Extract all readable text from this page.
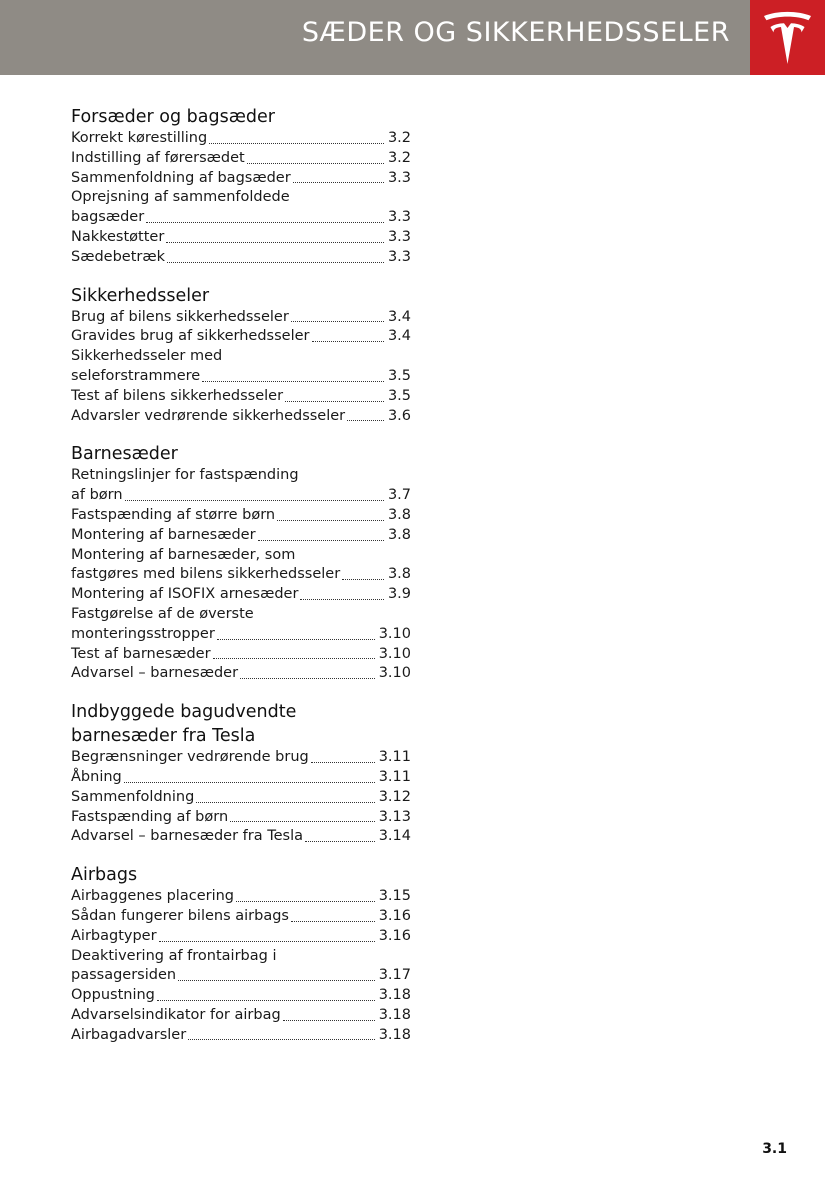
SÆDER OG SIKKERHEDSSELER
Forsæder og bagsæder
Korrekt kørestilling	3.2
Indstilling af førersædet	3.2
Sammenfoldning af bagsæder	3.3
Oprejsning af sammenfoldede
bagsæder	3.3
Nakkestøtter	3.3
Sædebetræk	3.3
Sikkerhedsseler
Brug af bilens sikkerhedsseler	3.4
Gravides brug af sikkerhedsseler	3.4
Sikkerhedsseler med
seleforstrammere	3.5
Test af bilens sikkerhedsseler	3.5
Advarsler vedrørende sikkerhedsseler	3.6
Barnesæder
Retningslinjer for fastspænding
af børn	3.7
Fastspænding af større børn	3.8
Montering af barnesæder	3.8
Montering af barnesæder, som
fastgøres med bilens sikkerhedsseler	3.8
Montering af ISOFIX arnesæder	3.9
Fastgørelse af de øverste
monteringsstropper	3.10
Test af barnesæder	3.10
Advarsel – barnesæder	3.10
Indbyggede bagudvendte
barnesæder fra Tesla
Begrænsninger vedrørende brug	3.11
Åbning	3.11
Sammenfoldning	3.12
Fastspænding af børn	3.13
Advarsel – barnesæder fra Tesla	3.14
Airbags
Airbaggenes placering	3.15
Sådan fungerer bilens airbags	3.16
Airbagtyper	3.16
Deaktivering af frontairbag i
passagersiden	3.17
Oppustning	3.18
Advarselsindikator for airbag	3.18
Airbagadvarsler	3.18
3.1
